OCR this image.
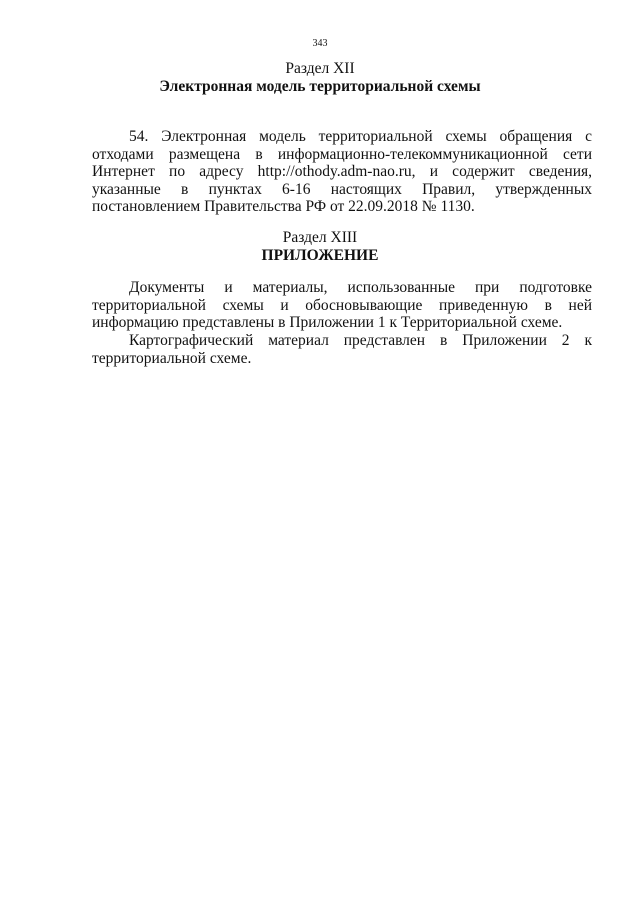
343
Раздел XII
Электронная модель территориальной схемы

54. Электронная модель территориальной схемы обращения с отходами размещена в информационно-телекоммуникационной сети Интернет по адресу http://othody.adm-nao.ru, и содержит сведения, указанные в пунктах 6-16 настоящих Правил, утвержденных постановлением Правительства РФ от 22.09.2018 № 1130.

Раздел XIII
ПРИЛОЖЕНИЕ

Документы и материалы, использованные при подготовке территориальной схемы и обосновывающие приведенную в ней информацию представлены в Приложении 1 к Территориальной схеме.

Картографический материал представлен в Приложении 2 к территориальной схеме.
